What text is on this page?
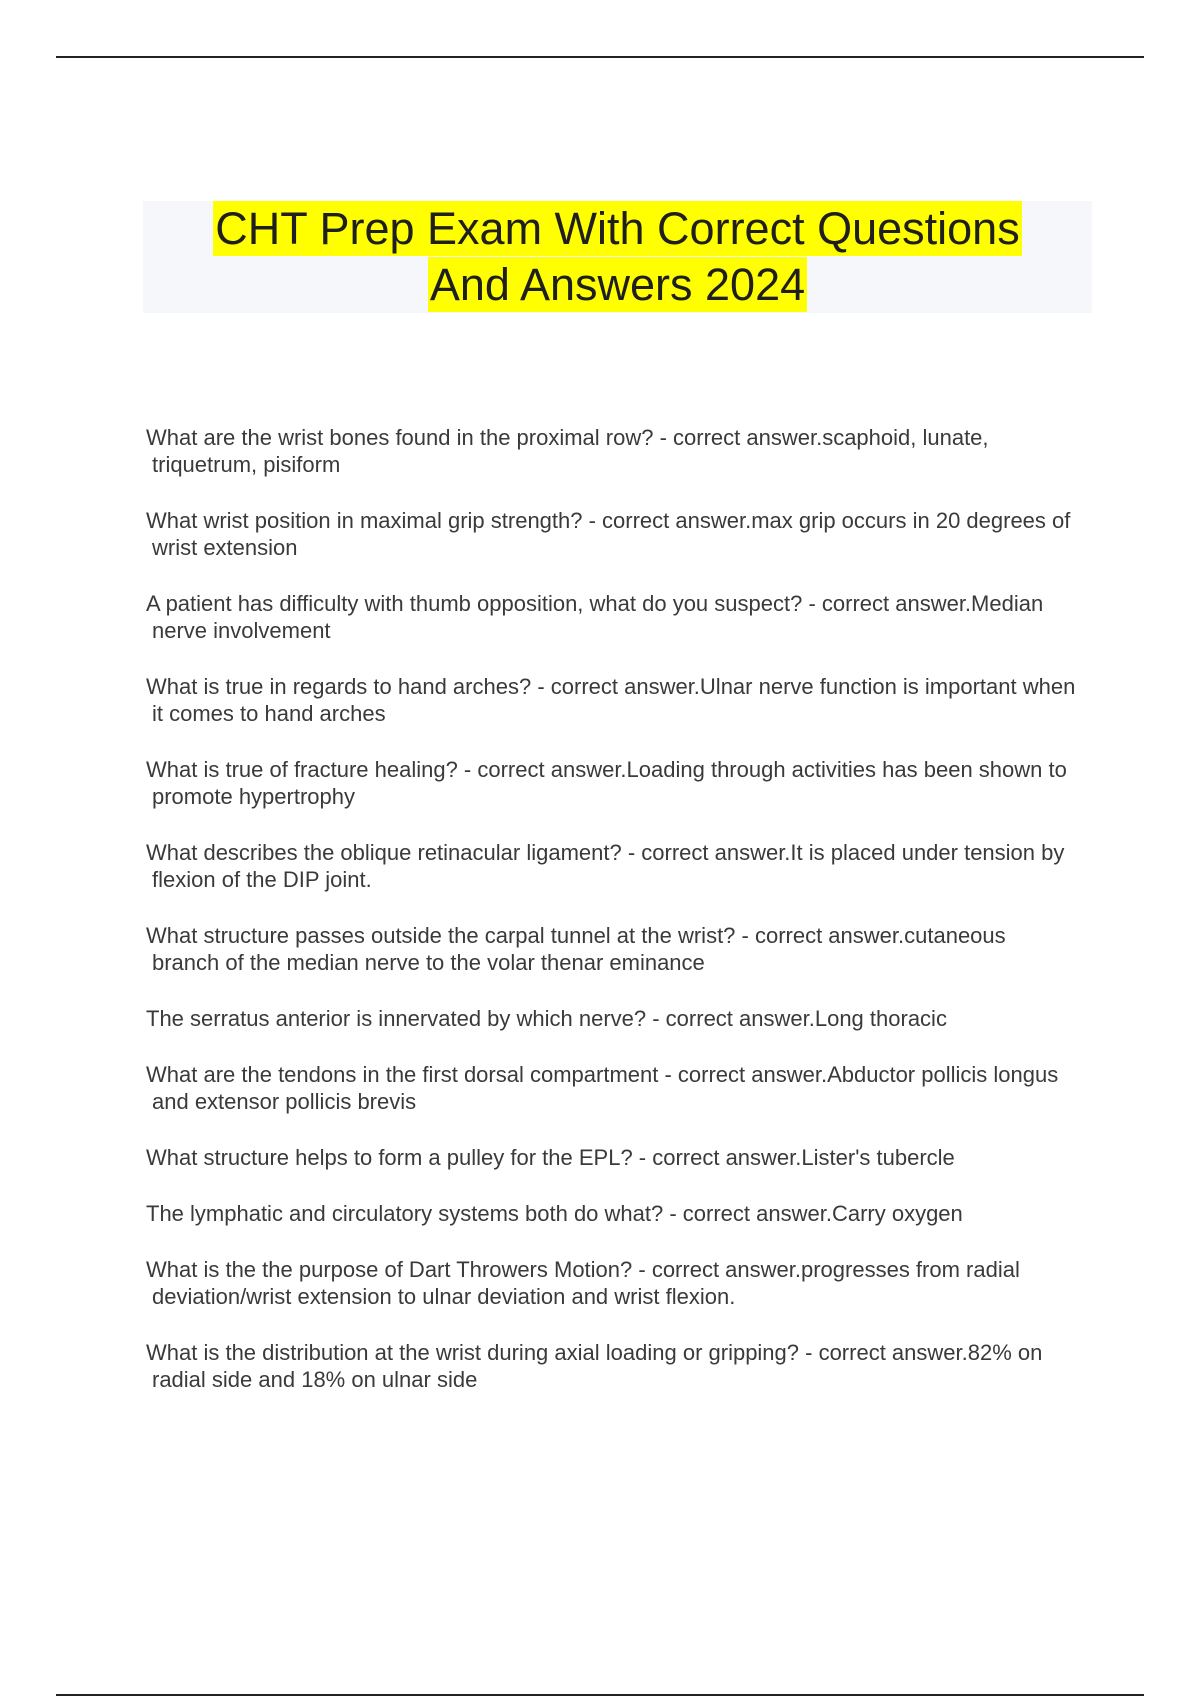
CHT Prep Exam With Correct Questions
And Answers 2024

What are the wrist bones found in the proximal row? - correct answer.scaphoid, lunate, triquetrum, pisiform

What wrist position in maximal grip strength? - correct answer.max grip occurs in 20 degrees of wrist extension

A patient has difficulty with thumb opposition, what do you suspect? - correct answer.Median nerve involvement

What is true in regards to hand arches? - correct answer.Ulnar nerve function is important when it comes to hand arches

What is true of fracture healing? - correct answer.Loading through activities has been shown to promote hypertrophy

What describes the oblique retinacular ligament? - correct answer.It is placed under tension by flexion of the DIP joint.

What structure passes outside the carpal tunnel at the wrist? - correct answer.cutaneous branch of the median nerve to the volar thenar eminance

The serratus anterior is innervated by which nerve? - correct answer.Long thoracic

What are the tendons in the first dorsal compartment - correct answer.Abductor pollicis longus and extensor pollicis brevis

What structure helps to form a pulley for the EPL? - correct answer.Lister's tubercle

The lymphatic and circulatory systems both do what? - correct answer.Carry oxygen

What is the the purpose of Dart Throwers Motion? - correct answer.progresses from radial deviation/wrist extension to ulnar deviation and wrist flexion.

What is the distribution at the wrist during axial loading or gripping? - correct answer.82% on radial side and 18% on ulnar side
